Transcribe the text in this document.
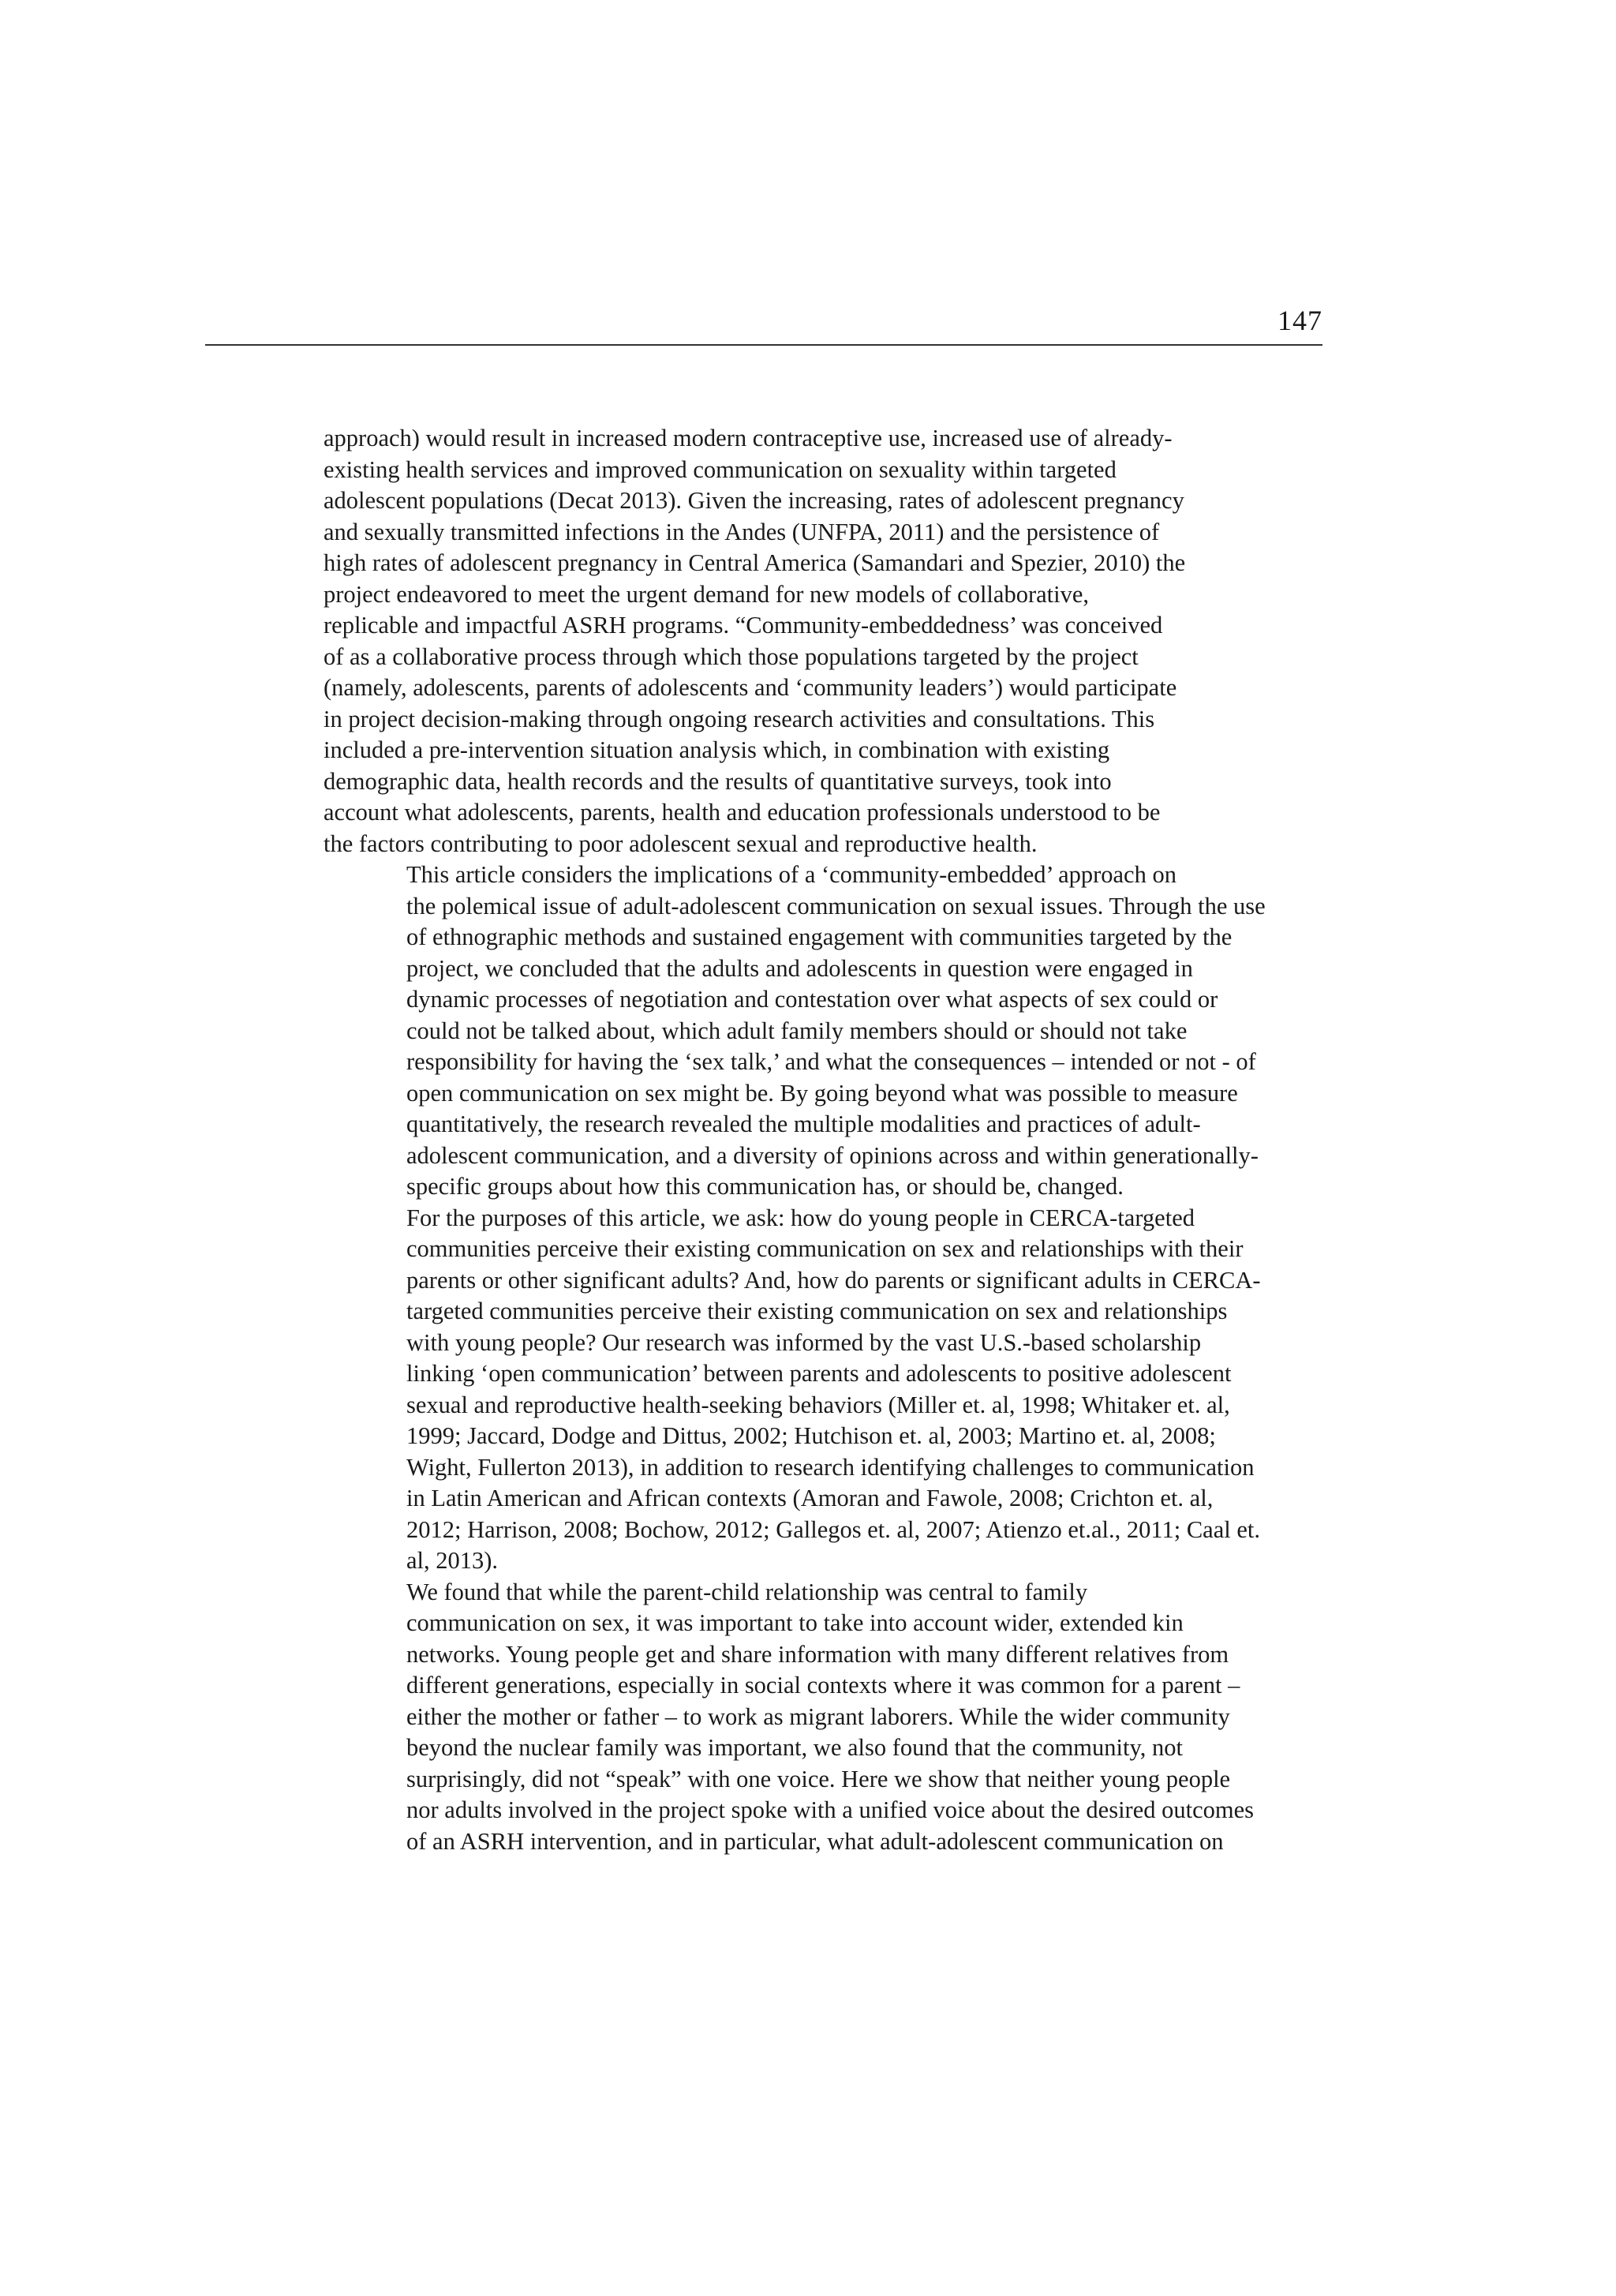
147

approach) would result in increased modern contraceptive use, increased use of already-
existing health services and improved communication on sexuality within targeted
adolescent populations (Decat 2013). Given the increasing, rates of adolescent pregnancy
and sexually transmitted infections in the Andes (UNFPA, 2011) and the persistence of
high rates of adolescent pregnancy in Central America (Samandari and Spezier, 2010) the
project endeavored to meet the urgent demand for new models of collaborative,
replicable and impactful ASRH programs. “Community-embeddedness’ was conceived
of as a collaborative process through which those populations targeted by the project
(namely, adolescents, parents of adolescents and ‘community leaders’) would participate
in project decision-making through ongoing research activities and consultations. This
included a pre-intervention situation analysis which, in combination with existing
demographic data, health records and the results of quantitative surveys, took into
account what adolescents, parents, health and education professionals understood to be
the factors contributing to poor adolescent sexual and reproductive health.

This article considers the implications of a ‘community-embedded’ approach on
the polemical issue of adult-adolescent communication on sexual issues. Through the use
of ethnographic methods and sustained engagement with communities targeted by the
project, we concluded that the adults and adolescents in question were engaged in
dynamic processes of negotiation and contestation over what aspects of sex could or
could not be talked about, which adult family members should or should not take
responsibility for having the ‘sex talk,’ and what the consequences – intended or not - of
open communication on sex might be. By going beyond what was possible to measure
quantitatively, the research revealed the multiple modalities and practices of adult-
adolescent communication, and a diversity of opinions across and within generationally-
specific groups about how this communication has, or should be, changed.

For the purposes of this article, we ask: how do young people in CERCA-targeted
communities perceive their existing communication on sex and relationships with their
parents or other significant adults? And, how do parents or significant adults in CERCA-
targeted communities perceive their existing communication on sex and relationships
with young people? Our research was informed by the vast U.S.-based scholarship
linking ‘open communication’ between parents and adolescents to positive adolescent
sexual and reproductive health-seeking behaviors (Miller et. al, 1998; Whitaker et. al,
1999; Jaccard, Dodge and Dittus, 2002; Hutchison et. al, 2003; Martino et. al, 2008;
Wight, Fullerton 2013), in addition to research identifying challenges to communication
in Latin American and African contexts (Amoran and Fawole, 2008; Crichton et. al,
2012; Harrison, 2008; Bochow, 2012; Gallegos et. al, 2007; Atienzo et.al., 2011; Caal et.
al, 2013).

We found that while the parent-child relationship was central to family
communication on sex, it was important to take into account wider, extended kin
networks. Young people get and share information with many different relatives from
different generations, especially in social contexts where it was common for a parent –
either the mother or father – to work as migrant laborers. While the wider community
beyond the nuclear family was important, we also found that the community, not
surprisingly, did not “speak” with one voice. Here we show that neither young people
nor adults involved in the project spoke with a unified voice about the desired outcomes
of an ASRH intervention, and in particular, what adult-adolescent communication on
